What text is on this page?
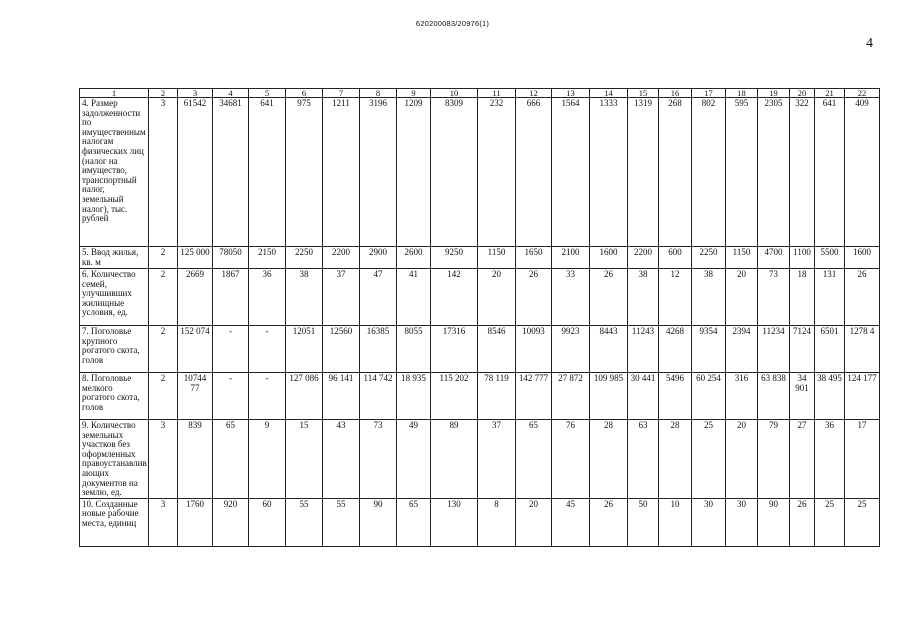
620200083/20976(1)
4
1	2	3	4	5	6	7	8	9	10	11	12	13	14	15	16	17	18	19	20	21	22
4. Размер задолженности по имущественным налогам физических лиц (налог на имущество, транспортный налог, земельный налог), тыс. рублей	3	61542	34681	641	975	1211	3196	1209	8309	232	666	1564	1333	1319	268	802	595	2305	322	641	409
5. Ввод жилья, кв. м	2	125 000	78050	2150	2250	2200	2900	2600	9250	1150	1650	2100	1600	2200	600	2250	1150	4700	1100	5500	1600
6. Количество семей, улучшивших жилищные условия, ед.	2	2669	1867	36	38	37	47	41	142	20	26	33	26	38	12	38	20	73	18	131	26
7. Поголовье крупного рогатого скота, голов	2	152 074	-	-	12051	12560	16385	8055	17316	8546	10093	9923	8443	11243	4268	9354	2394	11234	7124	6501	1278 4
8. Поголовье мелкого рогатого скота, голов	2	10744 77	-	-	127 086	96 141	114 742	18 935	115 202	78 119	142 777	27 872	109 985	30 441	5496	60 254	316	63 838	34 901	38 495	124 177
9. Количество земельных участков без оформленных правоустанавливающих документов на землю, ед.	3	839	65	9	15	43	73	49	89	37	65	76	28	63	28	25	20	79	27	36	17
10. Созданные новые рабочие места, единиц	3	1760	920	60	55	55	90	65	130	8	20	45	26	50	10	30	30	90	26	25	25
